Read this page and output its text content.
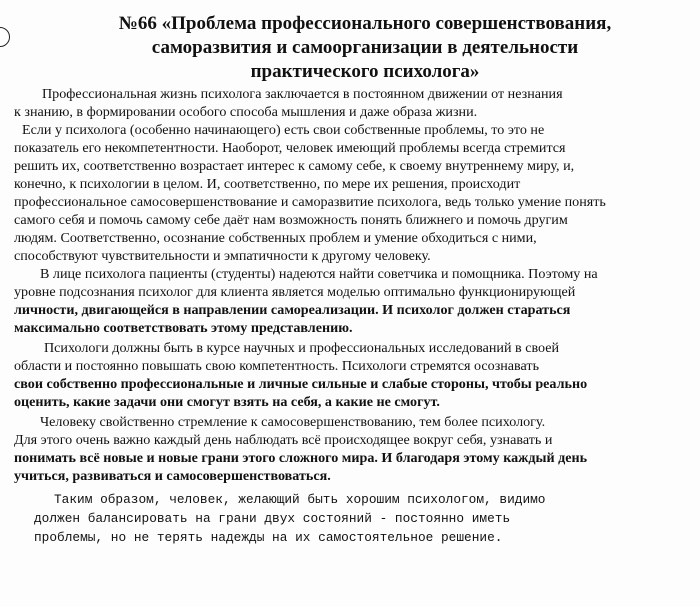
№66 «Проблема профессионального совершенствования,
саморазвития и самоорганизации в деятельности
практического психолога»
Профессиональная жизнь психолога заключается в постоянном движении от незнания
к знанию, в формировании особого способа мышления и даже образа жизни.
Если у психолога (особенно начинающего) есть свои собственные проблемы, то это не
показатель его некомпетентности. Наоборот, человек имеющий проблемы всегда стремится
решить их, соответственно возрастает интерес к самому себе, к своему внутреннему миру, и,
конечно, к психологии в целом. И, соответственно, по мере их решения, происходит
профессиональное самосовершенствование и саморазвитие психолога, ведь только умение понять
самого себя и помочь самому себе даёт нам возможность понять ближнего и помочь другим
людям. Соответственно, осознание собственных проблем и умение обходиться с ними,
способствуют чувствительности и эмпатичности к другому человеку.
В лице психолога пациенты (студенты) надеются найти советчика и помощника. Поэтому на
уровне подсознания психолог для клиента является моделью оптимально функционирующей
личности, двигающейся в направлении самореализации. И психолог должен стараться
максимально соответствовать этому представлению.
Психологи должны быть в курсе научных и профессиональных исследований в своей
области и постоянно повышать свою компетентность. Психологи стремятся осознавать
свои собственно профессиональные и личные сильные и слабые стороны, чтобы реально
оценить, какие задачи они смогут взять на себя, а какие не смогут.
Человеку свойственно стремление к самосовершенствованию, тем более психологу.
Для этого очень важно каждый день наблюдать всё происходящее вокруг себя, узнавать и
понимать всё новые и новые грани этого сложного мира. И благодаря этому каждый день
учиться, развиваться и самосовершенствоваться.
Таким образом, человек, желающий быть хорошим психологом, видимо
должен балансировать на грани двух состояний - постоянно иметь
проблемы, но не терять надежды на их самостоятельное решение.
